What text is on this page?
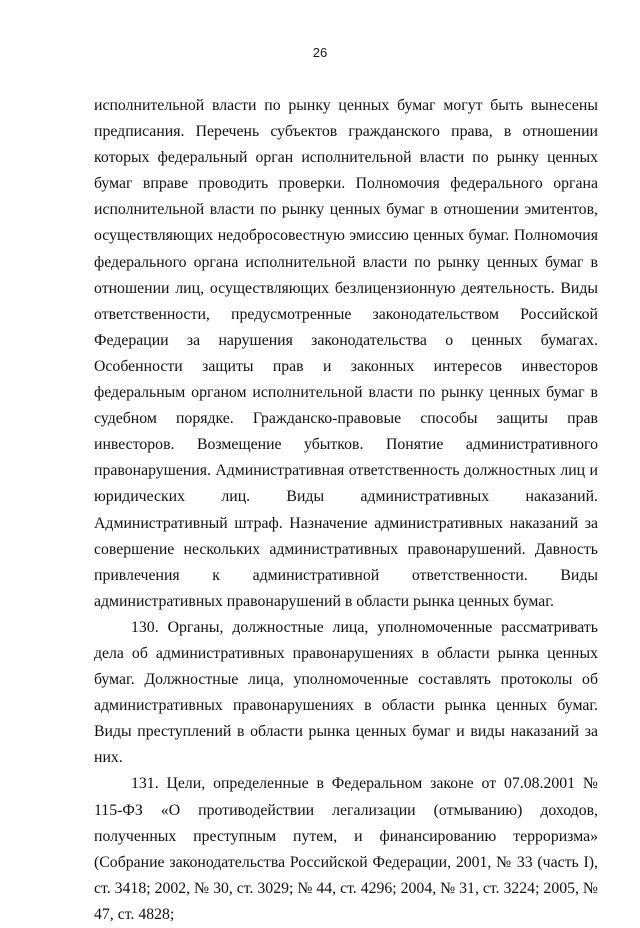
26

исполнительной власти по рынку ценных бумаг могут быть вынесены предписания. Перечень субъектов гражданского права, в отношении которых федеральный орган исполнительной власти по рынку ценных бумаг вправе проводить проверки. Полномочия федерального органа исполнительной власти по рынку ценных бумаг в отношении эмитентов, осуществляющих недобросовестную эмиссию ценных бумаг. Полномочия федерального органа исполнительной власти по рынку ценных бумаг в отношении лиц, осуществляющих безлицензионную деятельность. Виды ответственности, предусмотренные законодательством Российской Федерации за нарушения законодательства о ценных бумагах. Особенности защиты прав и законных интересов инвесторов федеральным органом исполнительной власти по рынку ценных бумаг в судебном порядке. Гражданско-правовые способы защиты прав инвесторов. Возмещение убытков. Понятие административного правонарушения. Административная ответственность должностных лиц и юридических лиц. Виды административных наказаний. Административный штраф. Назначение административных наказаний за совершение нескольких административных правонарушений. Давность привлечения к административной ответственности. Виды административных правонарушений в области рынка ценных бумаг.

130. Органы, должностные лица, уполномоченные рассматривать дела об административных правонарушениях в области рынка ценных бумаг. Должностные лица, уполномоченные составлять протоколы об административных правонарушениях в области рынка ценных бумаг. Виды преступлений в области рынка ценных бумаг и виды наказаний за них.

131. Цели, определенные в Федеральном законе от 07.08.2001 № 115-ФЗ «О противодействии легализации (отмыванию) доходов, полученных преступным путем, и финансированию терроризма» (Собрание законодательства Российской Федерации, 2001, № 33 (часть I), ст. 3418; 2002, № 30, ст. 3029; № 44, ст. 4296; 2004, № 31, ст. 3224; 2005, № 47, ст. 4828;
